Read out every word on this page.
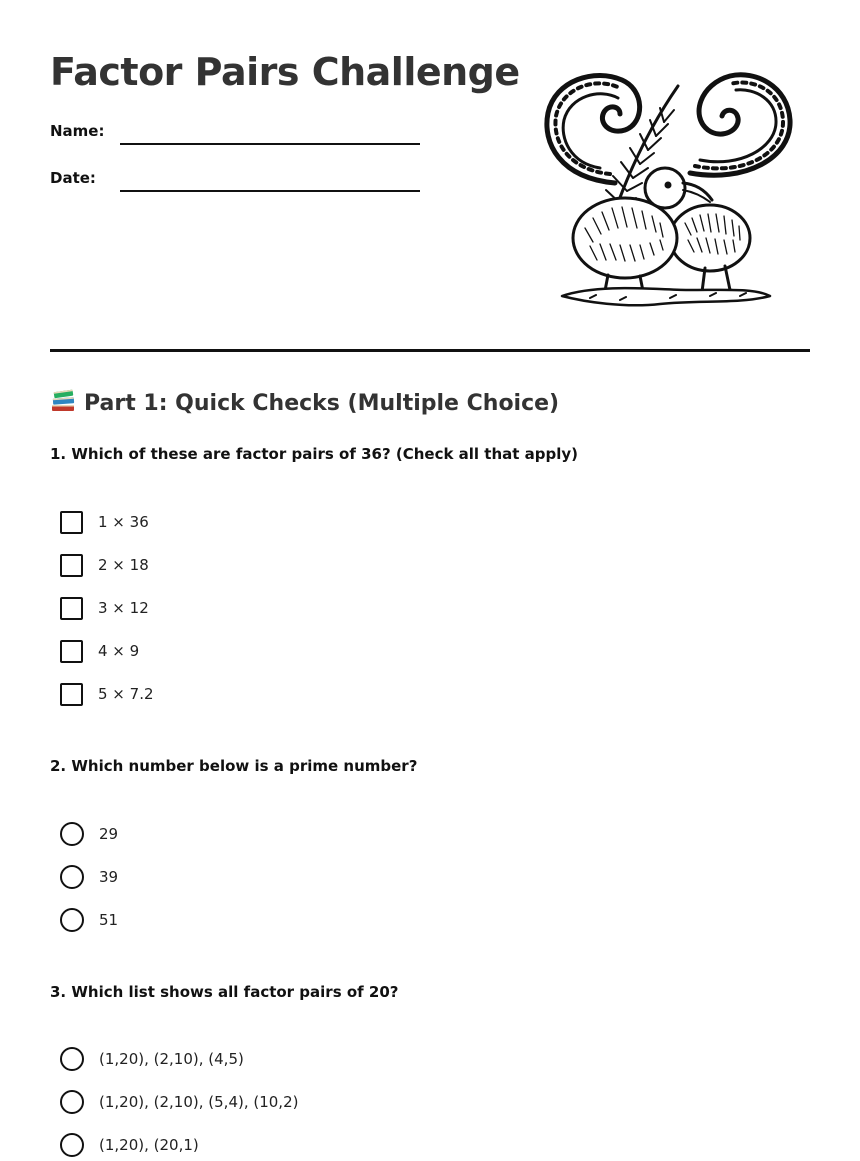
Factor Pairs Challenge
Name:
Date:
Part 1: Quick Checks (Multiple Choice)

1. Which of these are factor pairs of 36? (Check all that apply)

1 × 36
2 × 18
3 × 12
4 × 9
5 × 7.2

2. Which number below is a prime number?

29
39
51

3. Which list shows all factor pairs of 20?

(1,20), (2,10), (4,5)
(1,20), (2,10), (5,4), (10,2)
(1,20), (20,1)
